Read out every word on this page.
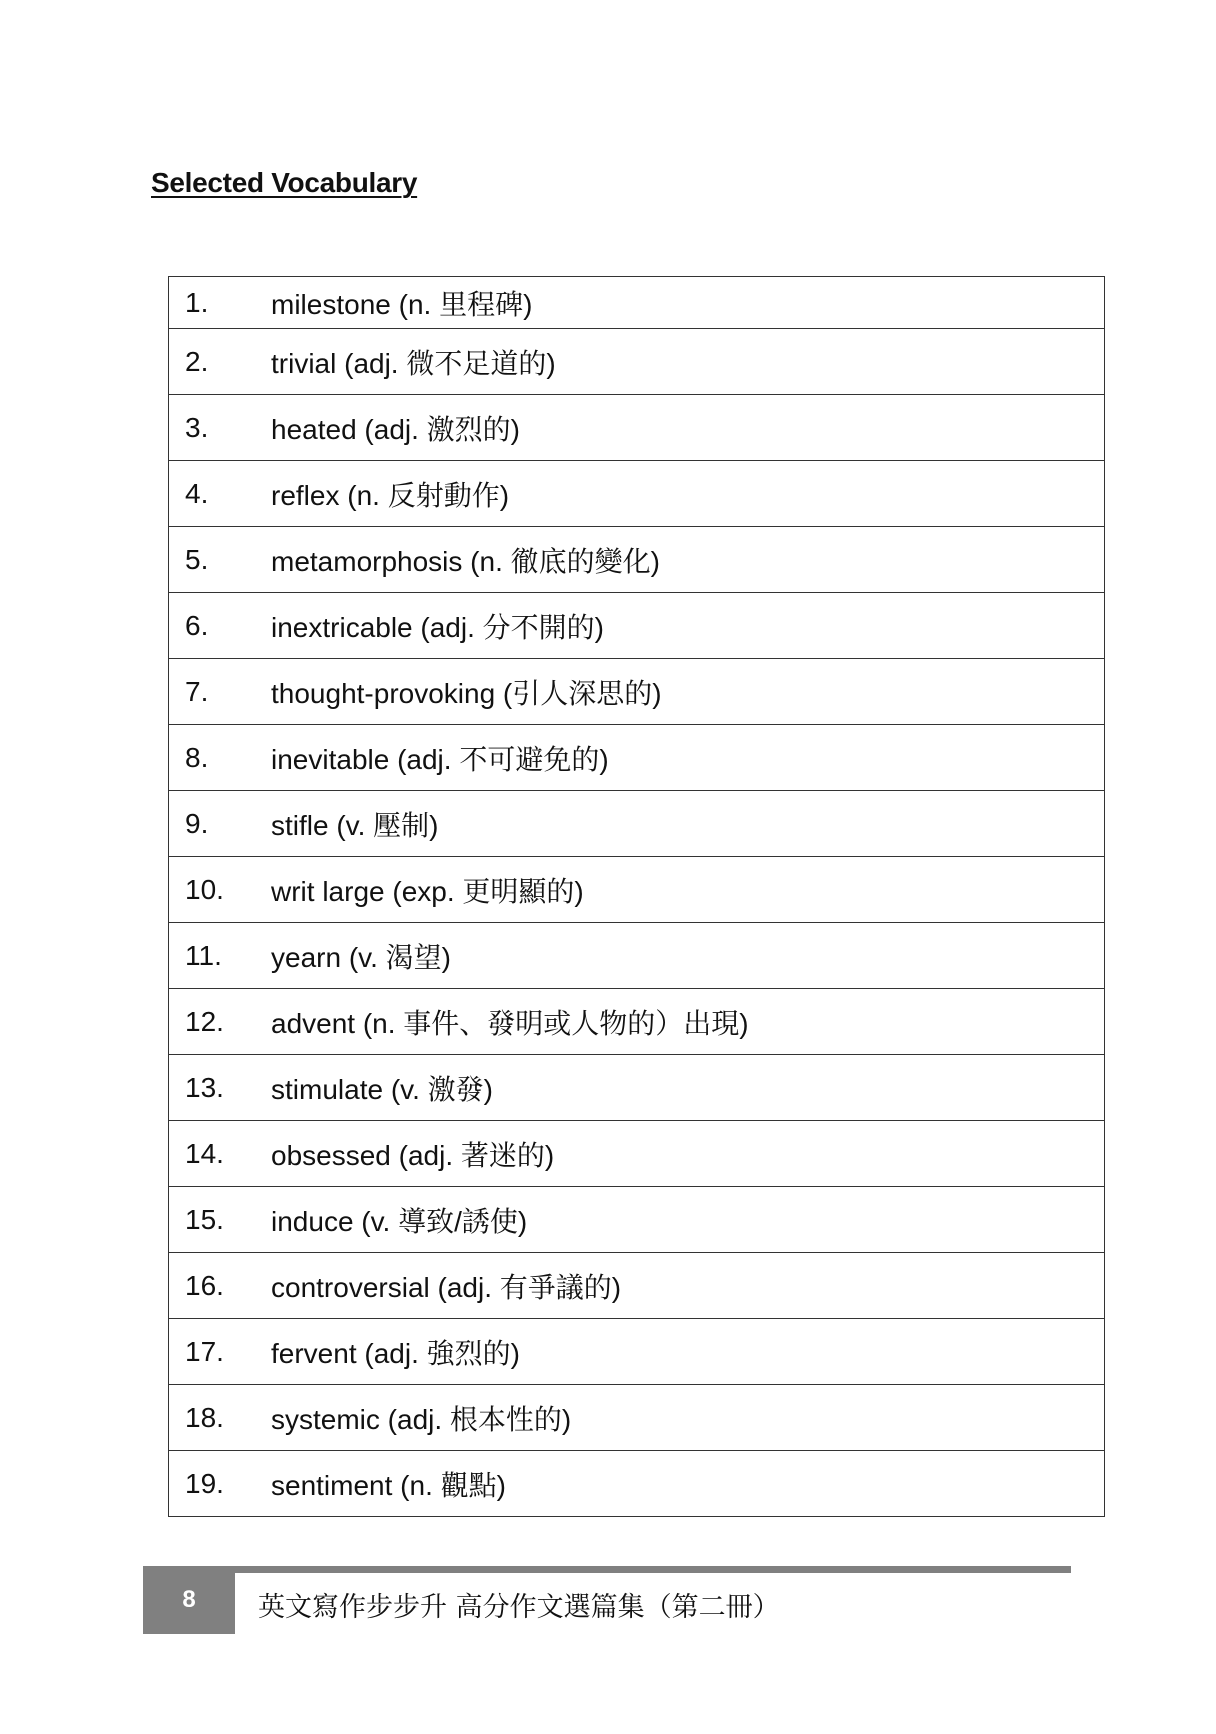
Selected Vocabulary
1.	milestone (n. 里程碑)
2.	trivial (adj. 微不足道的)
3.	heated (adj. 激烈的)
4.	reflex (n. 反射動作)
5.	metamorphosis (n. 徹底的變化)
6.	inextricable (adj. 分不開的)
7.	thought-provoking (引人深思的)
8.	inevitable (adj. 不可避免的)
9.	stifle (v. 壓制)
10.	writ large (exp. 更明顯的)
11.	yearn (v. 渴望)
12.	advent (n. 事件、發明或人物的）出現)
13.	stimulate (v. 激發)
14.	obsessed (adj. 著迷的)
15.	induce (v. 導致/誘使)
16.	controversial (adj. 有爭議的)
17.	fervent (adj. 強烈的)
18.	systemic (adj. 根本性的)
19.	sentiment (n. 觀點)
8	英文寫作步步升 高分作文選篇集（第二冊）
